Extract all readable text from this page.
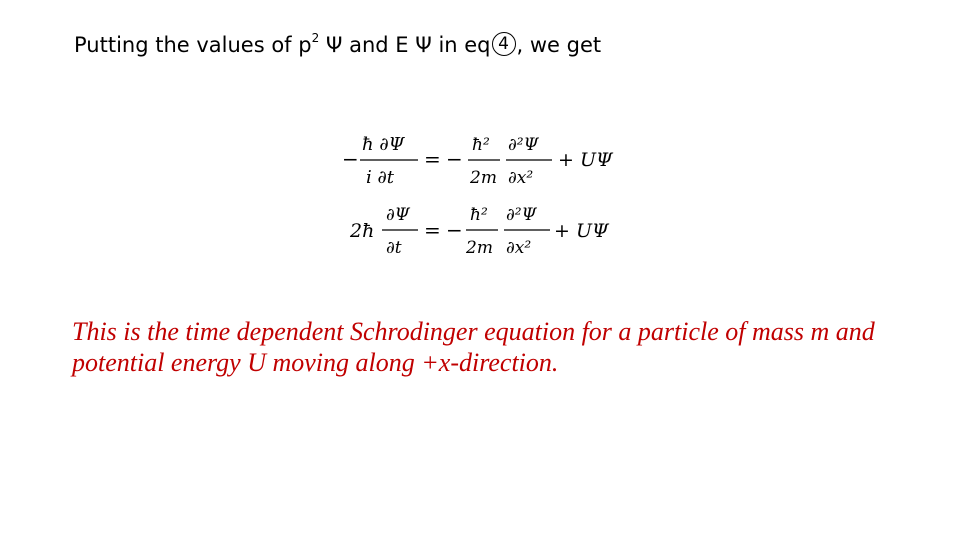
Putting the values of $p^2$ Ψ and E Ψ in eq 4 , we get
−
ħ ∂Ψ
i ∂t
= −
ħ² ∂²Ψ
2m ∂x²
+ UΨ
2ħ
∂Ψ
∂t
= −
ħ² ∂²Ψ
2m ∂x²
+ UΨ

This is the time dependent Schrodinger equation for a particle of mass m and potential energy U moving along +x-direction.
